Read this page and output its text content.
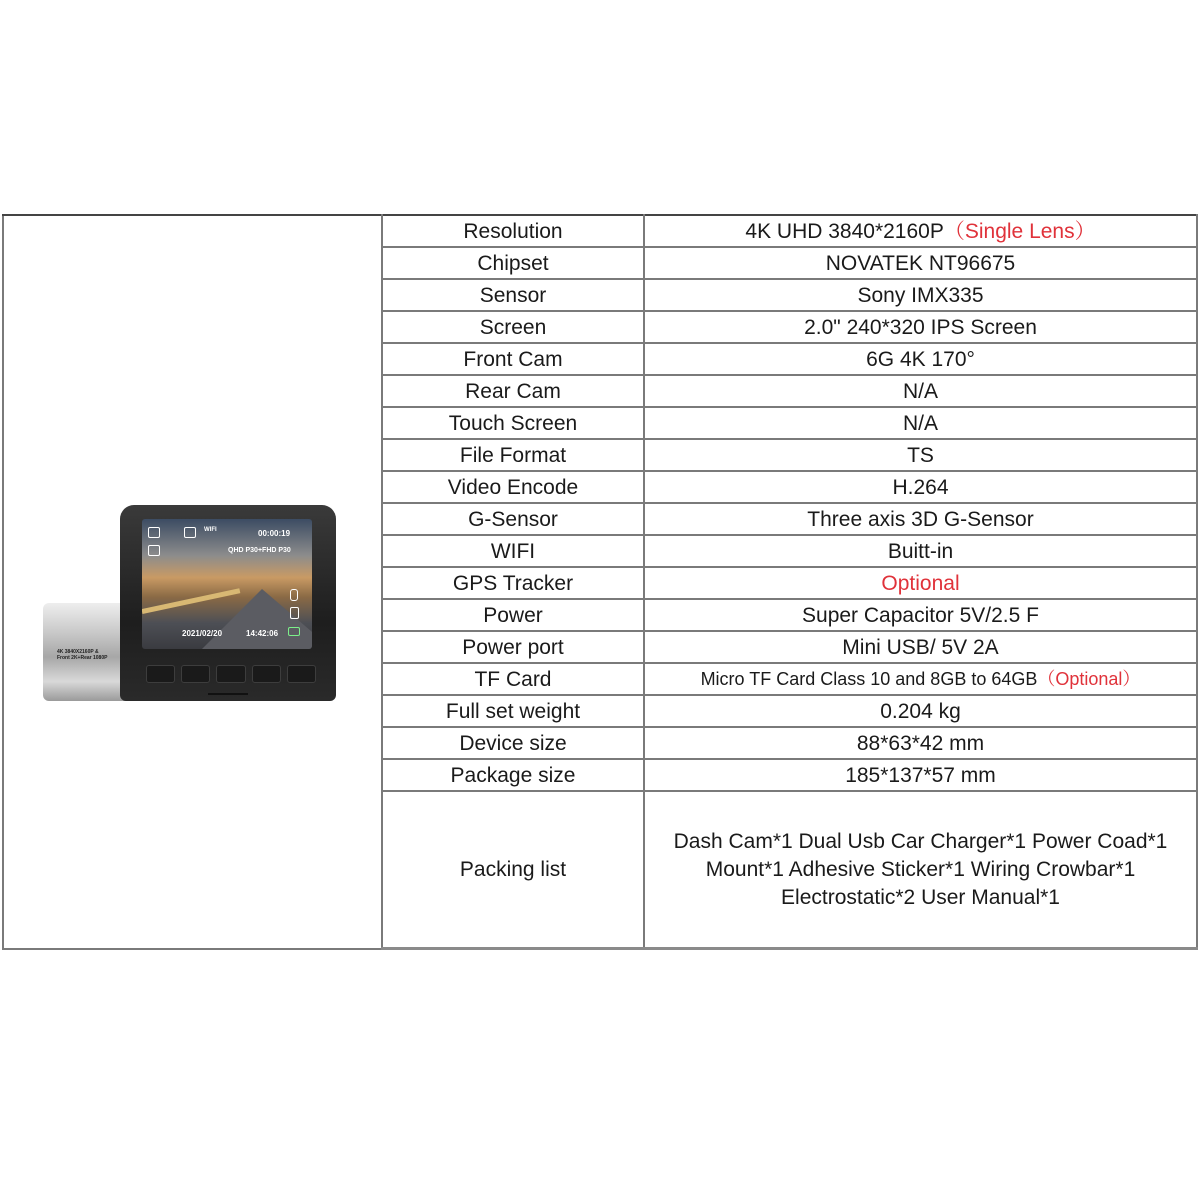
	Resolution	4K UHD 3840*2160P（Single Lens）
	Chipset	NOVATEK NT96675
	Sensor	Sony IMX335
	Screen	2.0" 240*320 IPS Screen
	Front Cam	6G 4K 170°
	Rear Cam	N/A
	Touch Screen	N/A
	File Format	TS
	Video Encode	H.264
	G-Sensor	Three axis 3D G-Sensor
	WIFI	Buitt-in
	GPS Tracker	Optional
	Power	Super Capacitor 5V/2.5 F
	Power port	Mini USB/ 5V 2A
	TF Card	Micro TF Card Class 10 and 8GB to 64GB（Optional）
	Full set weight	0.204 kg
	Device size	88*63*42 mm
	Package size	185*137*57 mm
	Packing list	Dash Cam*1 Dual Usb Car Charger*1 Power Coad*1
Mount*1 Adhesive Sticker*1 Wiring Crowbar*1
Electrostatic*2 User Manual*1
4K 3840X2160P &
Front 2K+Rear 1080P
WIFI	00:00:19
QHD P30+FHD P30
2021/02/20	14:42:06
